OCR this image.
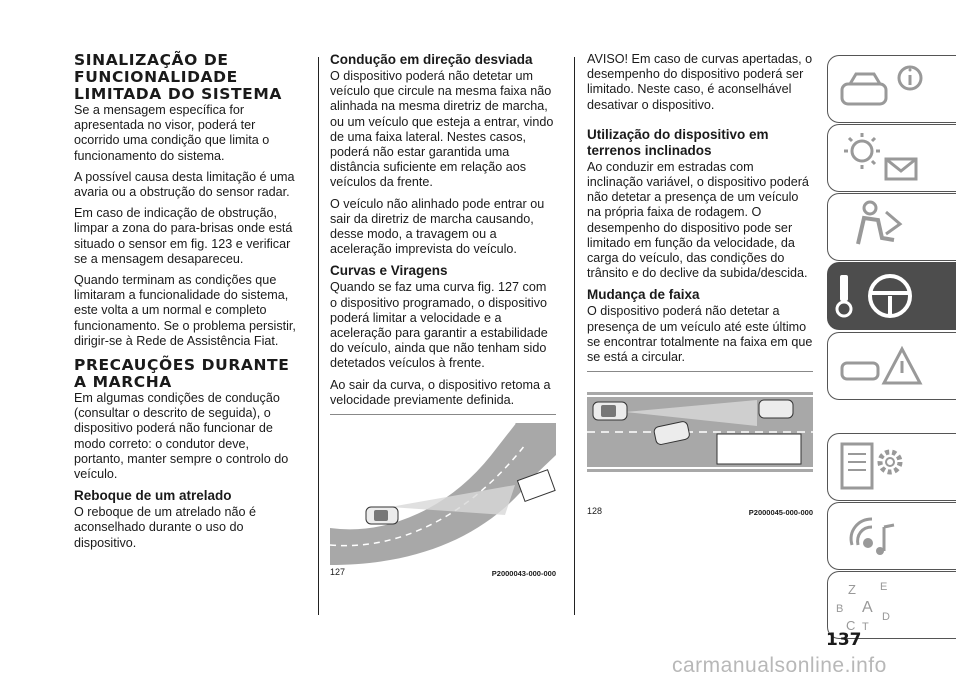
SINALIZAÇÃO DE
FUNCIONALIDADE
LIMITADA DO SISTEMA

Se a mensagem específica for apresentada no visor, poderá ter ocorrido uma condição que limita o funcionamento do sistema.

A possível causa desta limitação é uma avaria ou a obstrução do sensor radar.

Em caso de indicação de obstrução, limpar a zona do para-brisas onde está situado o sensor em fig. 123 e verificar se a mensagem desapareceu.

Quando terminam as condições que limitaram a funcionalidade do sistema, este volta a um normal e completo funcionamento. Se o problema persistir, dirigir-se à Rede de Assistência Fiat.

PRECAUÇÕES DURANTE
A MARCHA

Em algumas condições de condução (consultar o descrito de seguida), o dispositivo poderá não funcionar de modo correto: o condutor deve, portanto, manter sempre o controlo do veículo.

Reboque de um atrelado

O reboque de um atrelado não é aconselhado durante o uso do dispositivo.

Condução em direção desviada

O dispositivo poderá não detetar um veículo que circule na mesma faixa não alinhada na mesma diretriz de marcha, ou um veículo que esteja a entrar, vindo de uma faixa lateral. Nestes casos, poderá não estar garantida uma distância suficiente em relação aos veículos da frente.

O veículo não alinhado pode entrar ou sair da diretriz de marcha causando, desse modo, a travagem ou a aceleração imprevista do veículo.

Curvas e Viragens

Quando se faz uma curva fig. 127 com o dispositivo programado, o dispositivo poderá limitar a velocidade e a aceleração para garantir a estabilidade do veículo, ainda que não tenham sido detetados veículos à frente.

Ao sair da curva, o dispositivo retoma a velocidade previamente definida.

127	P2000043-000-000

AVISO! Em caso de curvas apertadas, o desempenho do dispositivo poderá ser limitado. Neste caso, é aconselhável desativar o dispositivo.

Utilização do dispositivo em terrenos inclinados

Ao conduzir em estradas com inclinação variável, o dispositivo poderá não detetar a presença de um veículo na própria faixa de rodagem. O desempenho do dispositivo pode ser limitado em função da velocidade, da carga do veículo, das condições do trânsito e do declive da subida/descida.

Mudança de faixa

O dispositivo poderá não detetar a presença de um veículo até este último se encontrar totalmente na faixa em que se está a circular.

128	P2000045-000-000
Z E
B A
C T
D
137
carmanualsonline.info
